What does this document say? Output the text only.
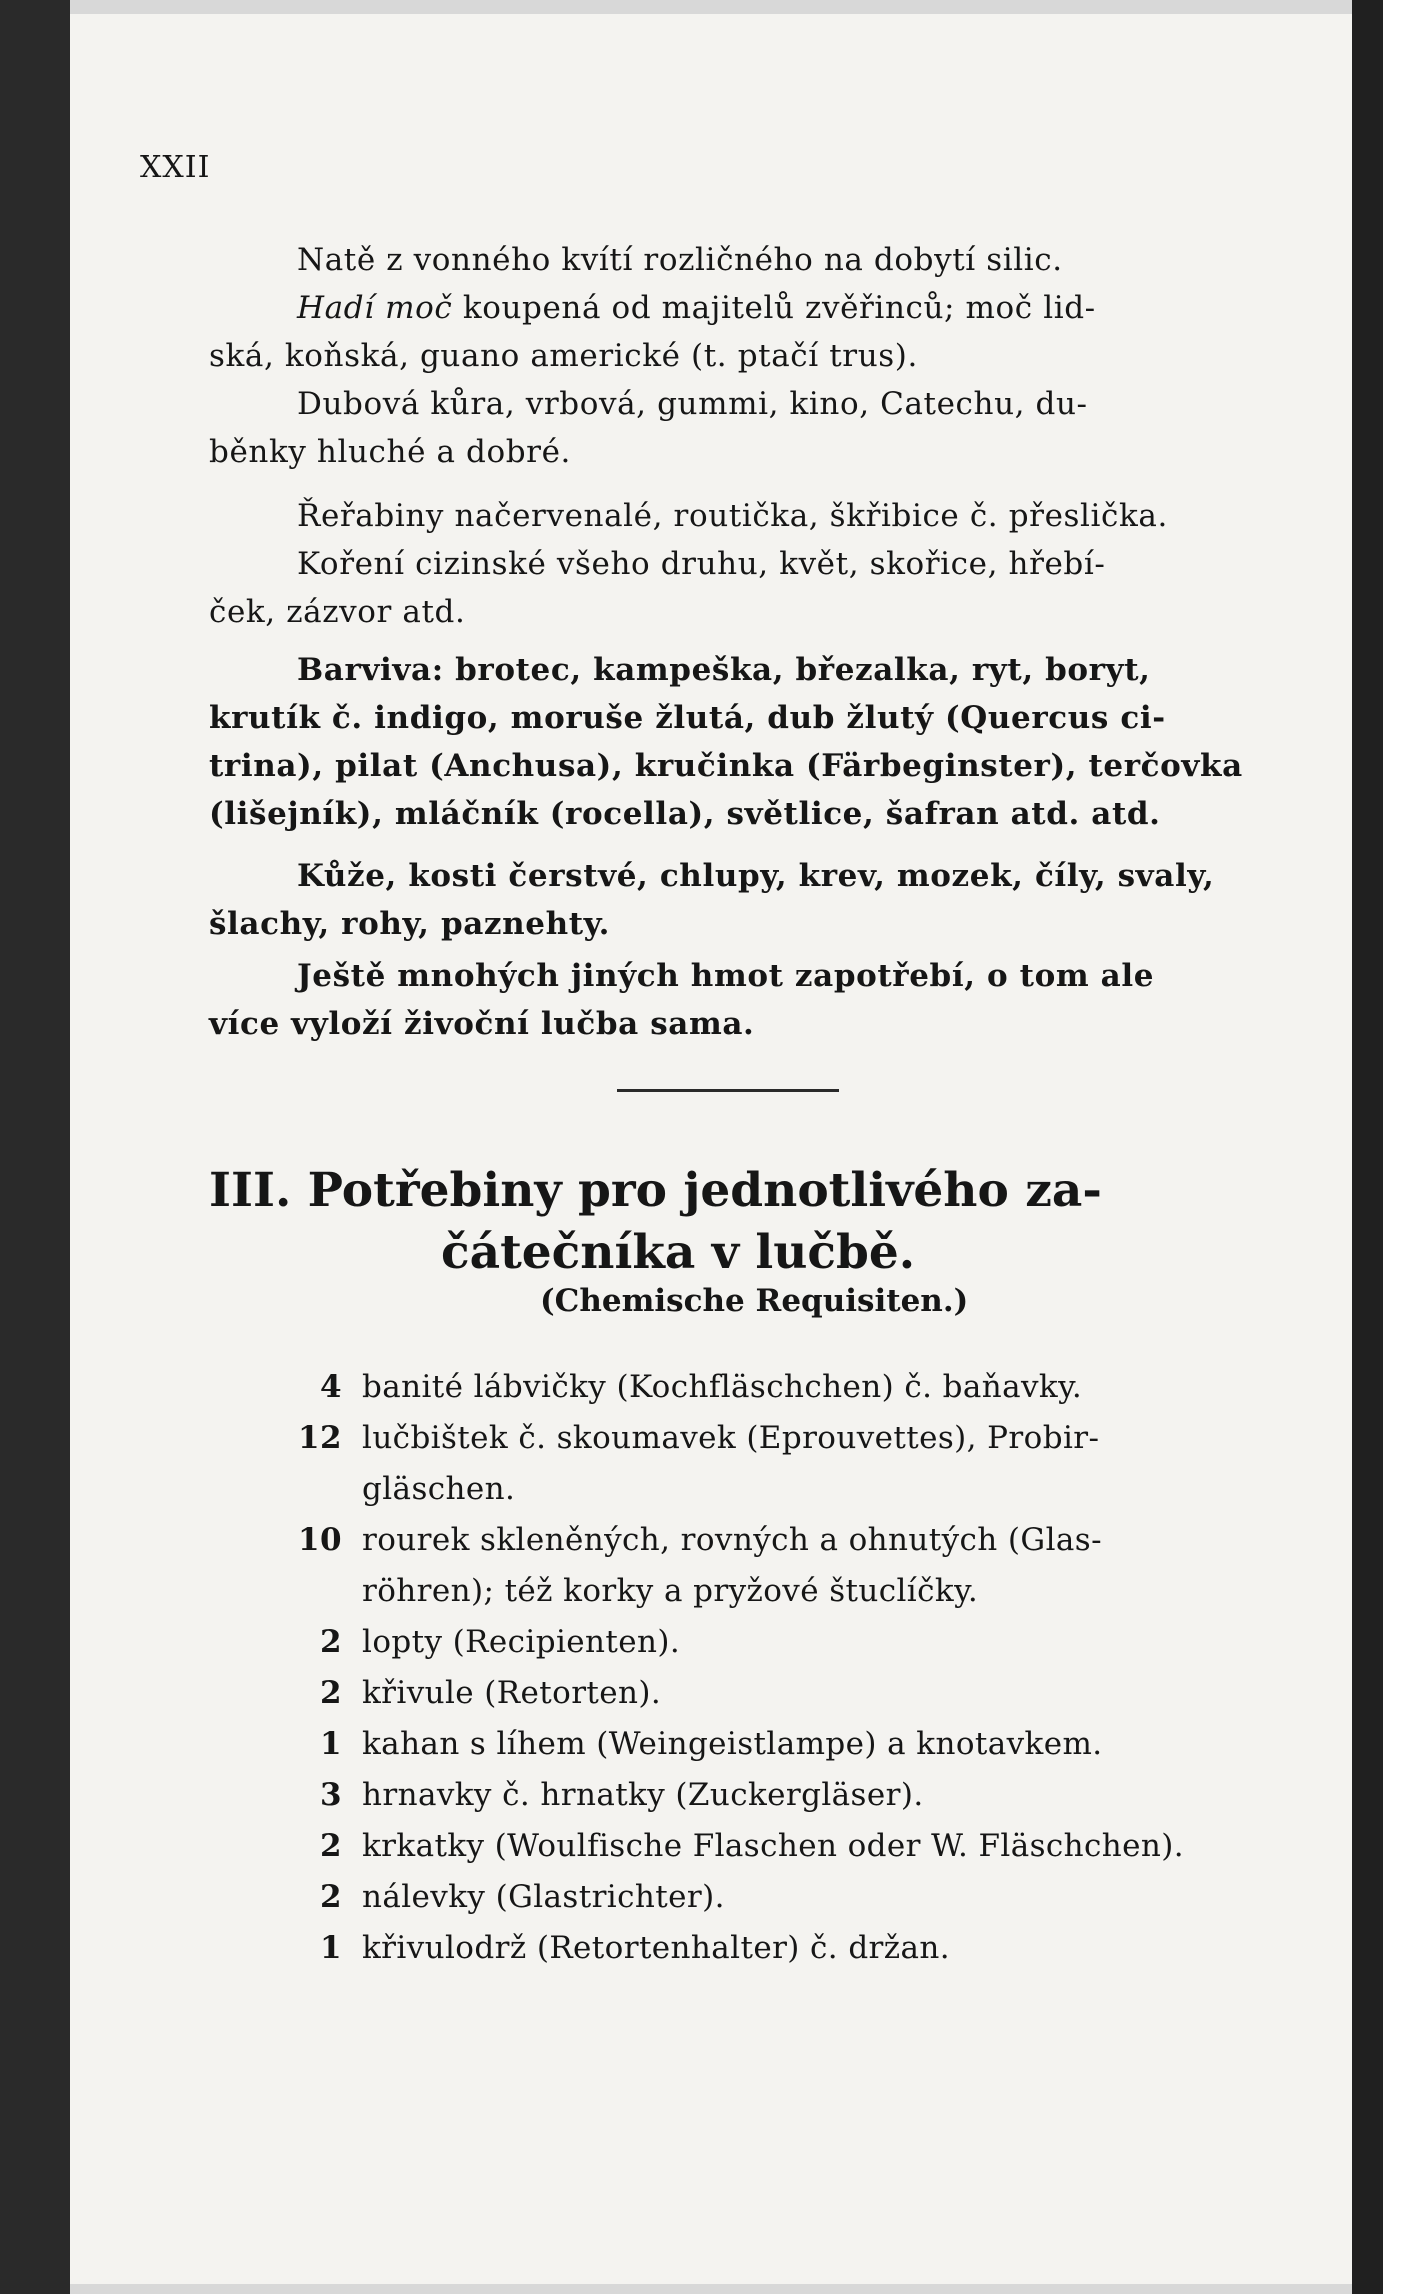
XXII
Natě z vonného kvítí rozličného na dobytí silic.
Hadí moč koupená od majitelů zvěřinců; moč lid-
ská, koňská, guano americké (t. ptačí trus).
Dubová kůra, vrbová, gummi, kino, Catechu, du-
běnky hluché a dobré.
Řeřabiny načervenalé, routička, škřibice č. přeslička.
Koření cizinské všeho druhu, květ, skořice, hřebí-
ček, zázvor atd.
Barviva: brotec, kampeška, březalka, ryt, boryt,
krutík č. indigo, moruše žlutá, dub žlutý (Quercus ci-
trina), pilat (Anchusa), kručinka (Färbeginster), terčovka
(lišejník), mláčník (rocella), světlice, šafran atd. atd.
Kůže, kosti čerstvé, chlupy, krev, mozek, číly, svaly,
šlachy, rohy, paznehty.
Ještě mnohých jiných hmot zapotřebí, o tom ale
více vyloží živoční lučba sama.
III. Potřebiny pro jednotlivého za-
čátečníka v lučbě.
(Chemische Requisiten.)
4 banité lábvičky (Kochfläschchen) č. baňavky.
12 lučbištek č. skoumavek (Eprouvettes), Probir-
gläschen.
10 rourek skleněných, rovných a ohnutých (Glas-
röhren); též korky a pryžové štuclíčky.
2 lopty (Recipienten).
2 křivule (Retorten).
1 kahan s líhem (Weingeistlampe) a knotavkem.
3 hrnavky č. hrnatky (Zuckergläser).
2 krkatky (Woulfische Flaschen oder W. Fläschchen).
2 nálevky (Glastrichter).
1 křivulodrž (Retortenhalter) č. držan.
